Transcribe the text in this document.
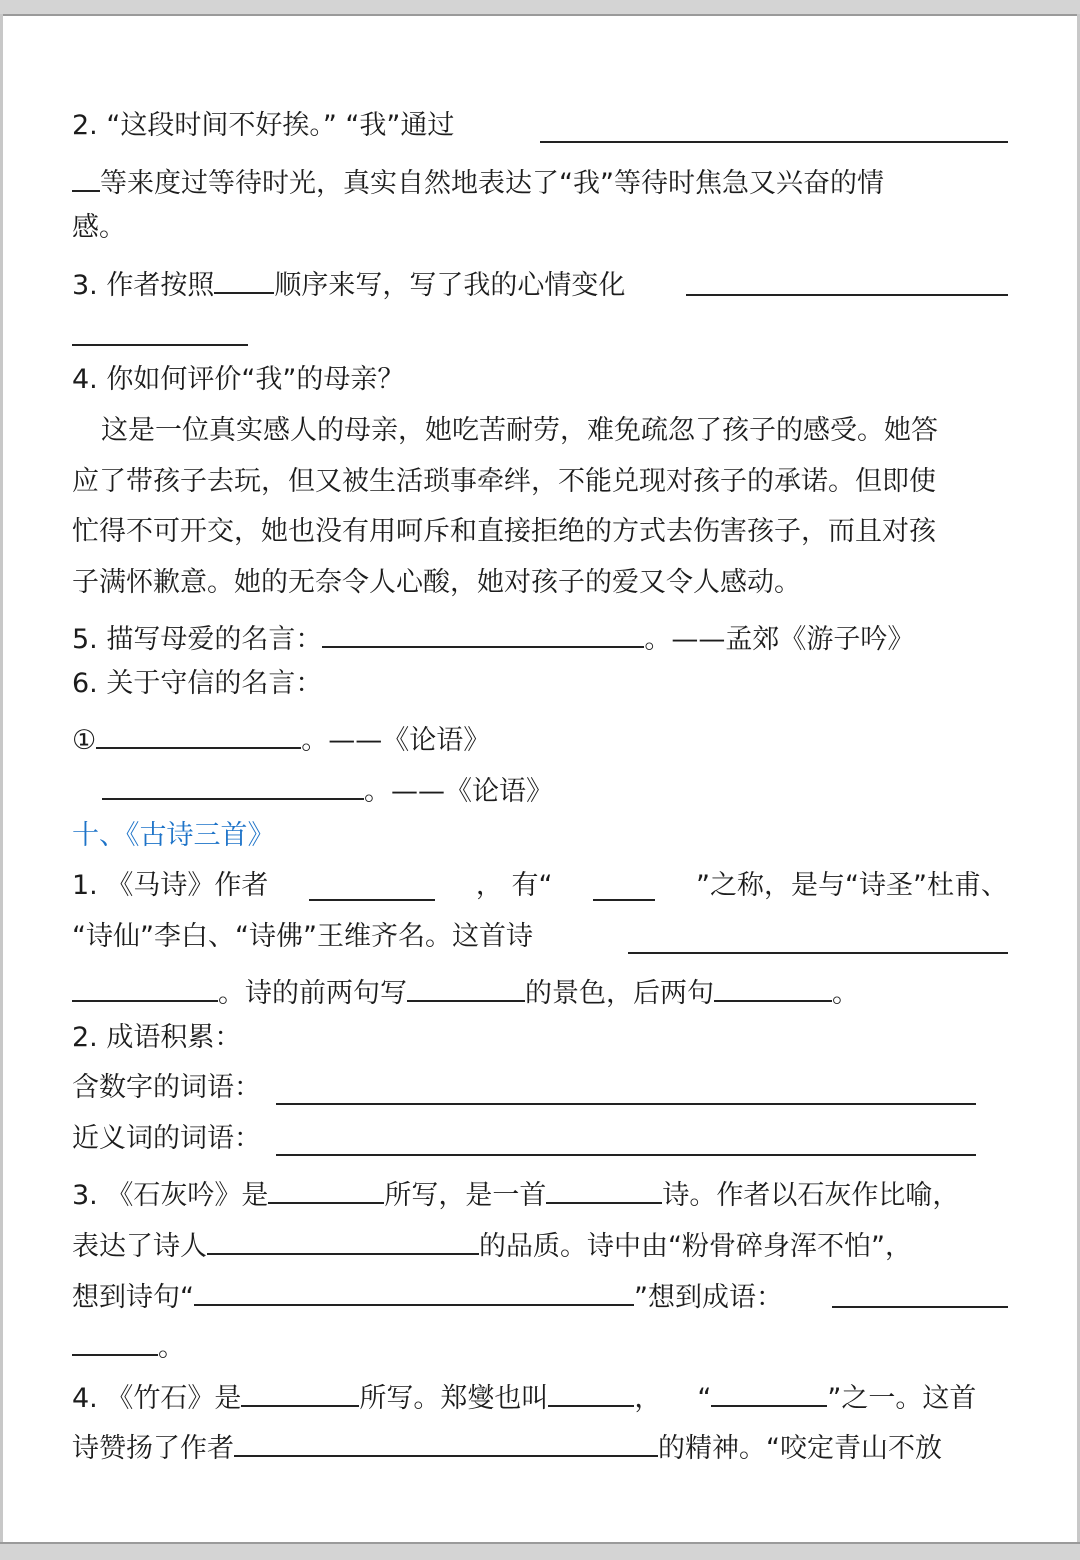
2. “这段时间不好挨。” “我”通过
等来度过等待时光，真实自然地表达了“我”等待时焦急又兴奋的情
感。
3. 作者按照 顺序来写，写了我的心情变化
4. 你如何评价“我”的母亲？
这是一位真实感人的母亲，她吃苦耐劳，难免疏忽了孩子的感受。她答
应了带孩子去玩，但又被生活琐事牵绊，不能兑现对孩子的承诺。但即使
忙得不可开交，她也没有用呵斥和直接拒绝的方式去伤害孩子，而且对孩
子满怀歉意。她的无奈令人心酸，她对孩子的爱又令人感动。
5. 描写母爱的名言：	。——孟郊《游子吟》
6. 关于守信的名言：
①	。——《论语》
。——《论语》
十、《古诗三首》
1. 《马诗》作者	， 有“	”之称，是与“诗圣”杜甫、
“诗仙”李白、“诗佛”王维齐名。这首诗
。诗的前两句写	的景色，后两句	。
2. 成语积累：
含数字的词语：
近义词的词语：
3. 《石灰吟》是	所写，是一首	诗。作者以石灰作比喻，
表达了诗人	的品质。诗中由“粉骨碎身浑不怕”，
想到诗句“	”想到成语：
。
4. 《竹石》是	所写。郑燮也叫	， “	”之一。这首
诗赞扬了作者	的精神。“咬定青山不放
